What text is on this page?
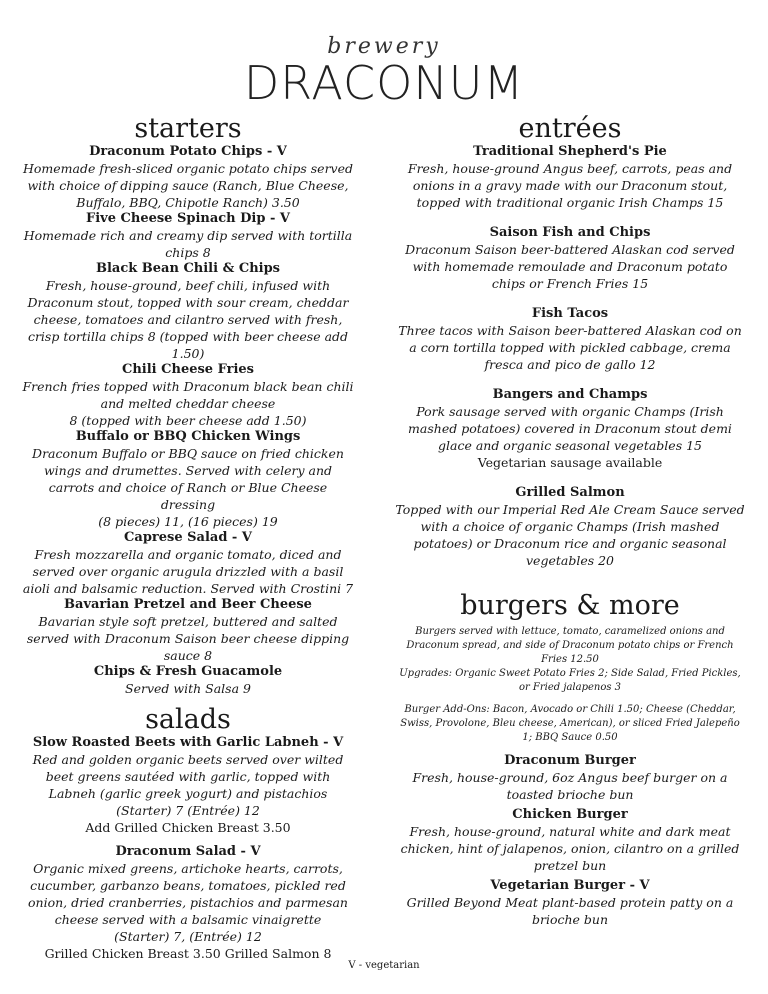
brewery
DRACONUM
starters
Draconum Potato Chips - V
Homemade fresh-sliced organic potato chips served with choice of dipping sauce (Ranch, Blue Cheese, Buffalo, BBQ, Chipotle Ranch) 3.50
Five Cheese Spinach Dip - V
Homemade rich and creamy dip served with tortilla chips 8
Black Bean Chili & Chips
Fresh, house-ground, beef chili, infused with Draconum stout, topped with sour cream, cheddar cheese, tomatoes and cilantro served with fresh, crisp tortilla chips 8 (topped with beer cheese add 1.50)
Chili Cheese Fries
French fries topped with Draconum black bean chili and melted cheddar cheese
8 (topped with beer cheese add 1.50)
Buffalo or BBQ Chicken Wings
Draconum Buffalo or BBQ sauce on fried chicken wings and drumettes. Served with celery and carrots and choice of Ranch or Blue Cheese dressing
(8 pieces) 11, (16 pieces) 19
Caprese Salad - V
Fresh mozzarella and organic tomato, diced and served over organic arugula drizzled with a basil aioli and balsamic reduction. Served with Crostini 7
Bavarian Pretzel and Beer Cheese
Bavarian style soft pretzel, buttered and salted served with Draconum Saison beer cheese dipping sauce 8
Chips & Fresh Guacamole
Served with Salsa 9
salads
Slow Roasted Beets with Garlic Labneh - V
Red and golden organic beets served over wilted beet greens sautéed with garlic, topped with Labneh (garlic greek yogurt) and pistachios (Starter) 7 (Entrée) 12
Add Grilled Chicken Breast 3.50
Draconum Salad - V
Organic mixed greens, artichoke hearts, carrots, cucumber, garbanzo beans, tomatoes, pickled red onion, dried cranberries, pistachios and parmesan cheese served with a balsamic vinaigrette
(Starter) 7, (Entrée) 12
Grilled Chicken Breast 3.50 Grilled Salmon 8
entrées
Traditional Shepherd's Pie
Fresh, house-ground Angus beef, carrots, peas and onions in a gravy made with our Draconum stout, topped with traditional organic Irish Champs 15
Saison Fish and Chips
Draconum Saison beer-battered Alaskan cod served with homemade remoulade and Draconum potato chips or French Fries 15
Fish Tacos
Three tacos with Saison beer-battered Alaskan cod on a corn tortilla topped with pickled cabbage, crema fresca and pico de gallo 12
Bangers and Champs
Pork sausage served with organic Champs (Irish mashed potatoes) covered in Draconum stout demi glace and organic seasonal vegetables 15
Vegetarian sausage available
Grilled Salmon
Topped with our Imperial Red Ale Cream Sauce served with a choice of organic Champs (Irish mashed potatoes) or Draconum rice and organic seasonal vegetables 20
burgers & more
Burgers served with lettuce, tomato, caramelized onions and Draconum spread, and side of Draconum potato chips or French Fries 12.50
Upgrades: Organic Sweet Potato Fries 2; Side Salad, Fried Pickles, or Fried jalapenos 3
Burger Add-Ons: Bacon, Avocado or Chili 1.50; Cheese (Cheddar, Swiss, Provolone, Bleu cheese, American), or sliced Fried Jalepeño 1; BBQ Sauce 0.50
Draconum Burger
Fresh, house-ground, 6oz Angus beef burger on a toasted brioche bun
Chicken Burger
Fresh, house-ground, natural white and dark meat chicken, hint of jalapenos, onion, cilantro on a grilled pretzel bun
Vegetarian Burger - V
Grilled Beyond Meat plant-based protein patty on a brioche bun
V - vegetarian
